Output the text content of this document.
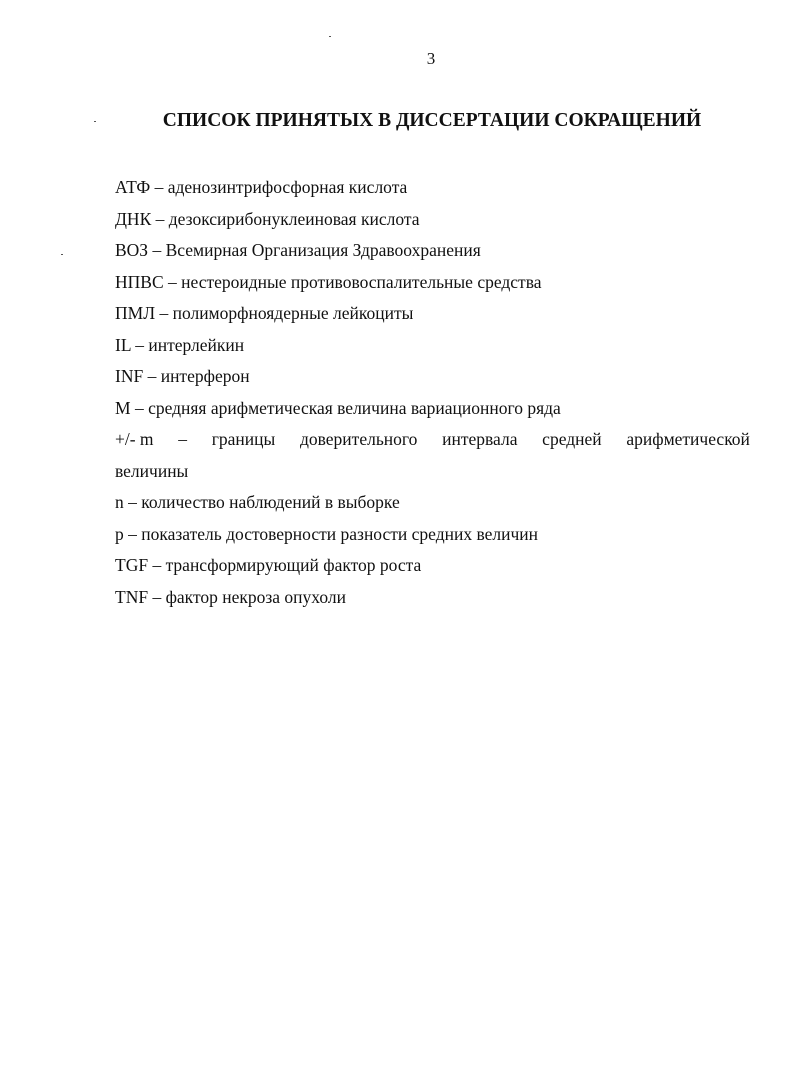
3
СПИСОК ПРИНЯТЫХ В ДИССЕРТАЦИИ СОКРАЩЕНИЙ
АТФ – аденозинтрифосфорная кислота
ДНК – дезоксирибонуклеиновая кислота
ВОЗ – Всемирная Организация Здравоохранения
НПВС – нестероидные противовоспалительные средства
ПМЛ – полиморфноядерные лейкоциты
IL – интерлейкин
INF – интерферон
М – средняя арифметическая величина вариационного ряда
+/- m – границы доверительного интервала средней арифметической
величины
n – количество наблюдений в выборке
p – показатель достоверности разности средних величин
TGF – трансформирующий фактор роста
TNF – фактор некроза опухоли
